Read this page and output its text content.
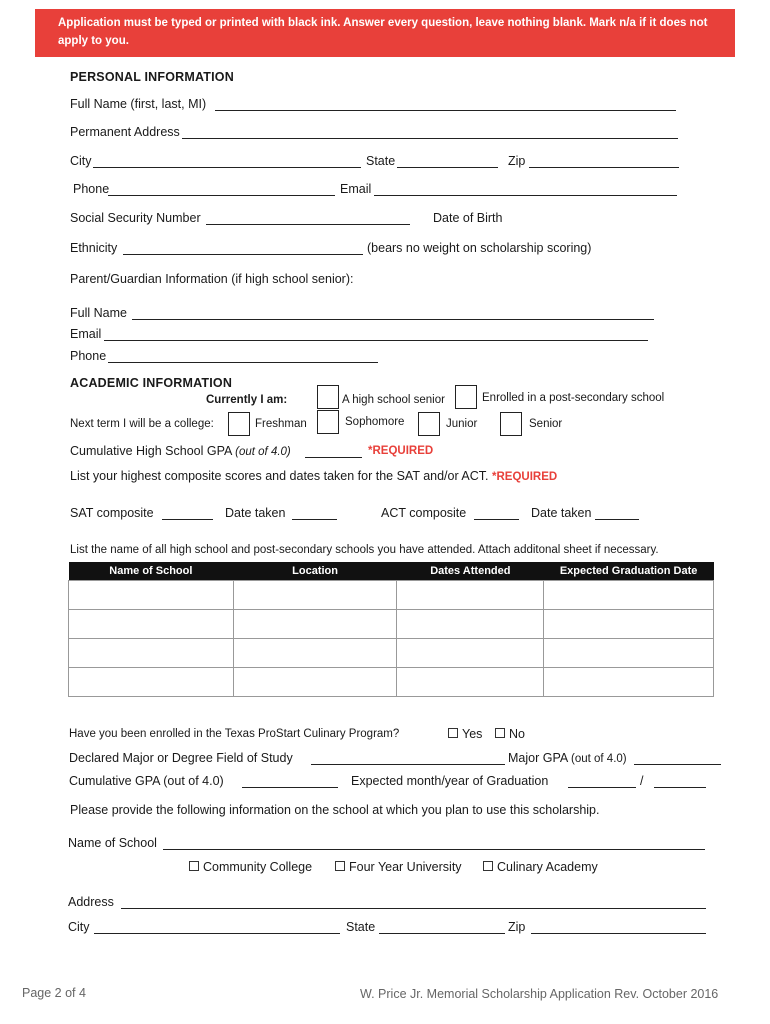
Application must be typed or printed with black ink. Answer every question, leave nothing blank. Mark n/a if it does not
apply to you.
PERSONAL INFORMATION
Full Name (first, last, MI)
Permanent Address
City	State	Zip
Phone	Email
Social Security Number	Date of Birth
Ethnicity	(bears no weight on scholarship scoring)
Parent/Guardian Information (if high school senior):
Full Name
Email
Phone
ACADEMIC INFORMATION
Currently I am:	A high school senior	Enrolled in a post-secondary school
Next term I will be a college:	Freshman	Sophomore	Junior	Senior
Cumulative High School GPA (out of 4.0)	*REQUIRED
List your highest composite scores and dates taken for the SAT and/or ACT. *REQUIRED
SAT composite	Date taken	ACT composite	Date taken
List the name of all high school and post-secondary schools you have attended. Attach additonal sheet if necessary.
Name of School	Location	Dates Attended	Expected Graduation Date

Have you been enrolled in the Texas ProStart Culinary Program?	Yes	No
Declared Major or Degree Field of Study	Major GPA (out of 4.0)
Cumulative GPA (out of 4.0)	Expected month/year of Graduation	/
Please provide the following information on the school at which you plan to use this scholarship.
Name of School
Community College	Four Year University	Culinary Academy
Address
City	State	Zip
Page 2 of 4	W. Price Jr. Memorial Scholarship Application Rev. October 2016
